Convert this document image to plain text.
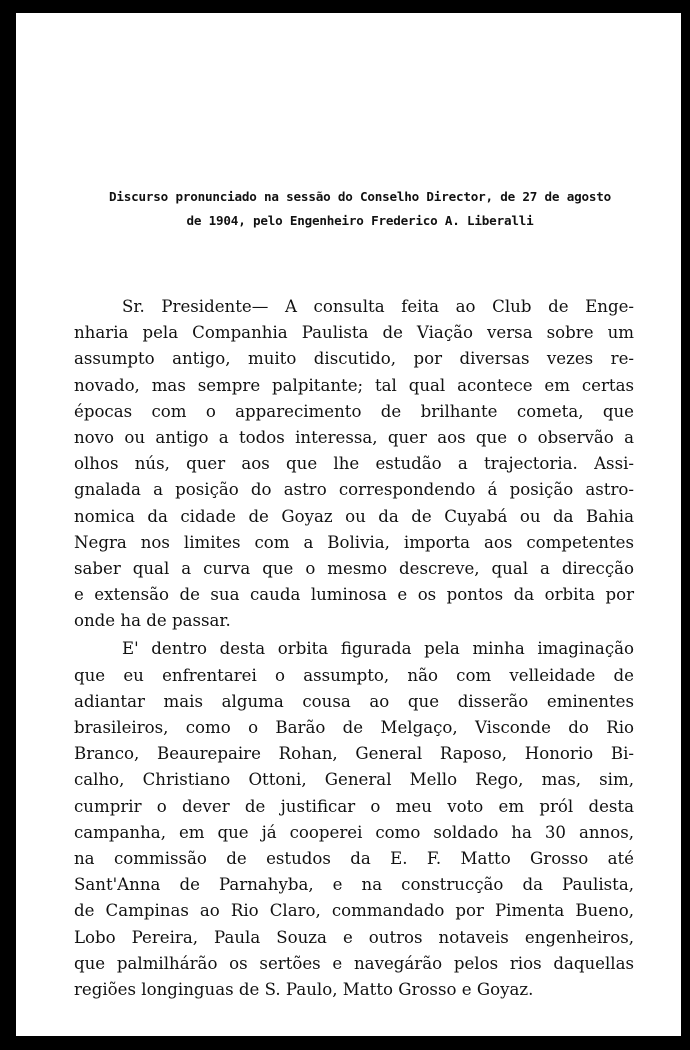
Discurso pronunciado na sessão do Conselho Director, de 27 de agosto
de 1904, pelo Engenheiro Frederico A. Liberalli

Sr. Presidente— A consulta feita ao Club de Enge-
nharia pela Companhia Paulista de Viação versa sobre um
assumpto antigo, muito discutido, por diversas vezes re-
novado, mas sempre palpitante; tal qual acontece em certas
épocas com o apparecimento de brilhante cometa, que
novo ou antigo a todos interessa, quer aos que o observão a
olhos nús, quer aos que lhe estudão a trajectoria. Assi-
gnalada a posição do astro correspondendo á posição astro-
nomica da cidade de Goyaz ou da de Cuyabá ou da Bahia
Negra nos limites com a Bolivia, importa aos competentes
saber qual a curva que o mesmo descreve, qual a direcção
e extensão de sua cauda luminosa e os pontos da orbita por
onde ha de passar.

E' dentro desta orbita figurada pela minha imaginação
que eu enfrentarei o assumpto, não com velleidade de
adiantar mais alguma cousa ao que disserão eminentes
brasileiros, como o Barão de Melgaço, Visconde do Rio
Branco, Beaurepaire Rohan, General Raposo, Honorio Bi-
calho, Christiano Ottoni, General Mello Rego, mas, sim,
cumprir o dever de justificar o meu voto em pról desta
campanha, em que já cooperei como soldado ha 30 annos,
na commissão de estudos da E. F. Matto Grosso até
Sant'Anna de Parnahyba, e na construcção da Paulista,
de Campinas ao Rio Claro, commandado por Pimenta Bueno,
Lobo Pereira, Paula Souza e outros notaveis engenheiros,
que palmilhárão os sertões e navegárão pelos rios daquellas
regiões longinguas de S. Paulo, Matto Grosso e Goyaz.
